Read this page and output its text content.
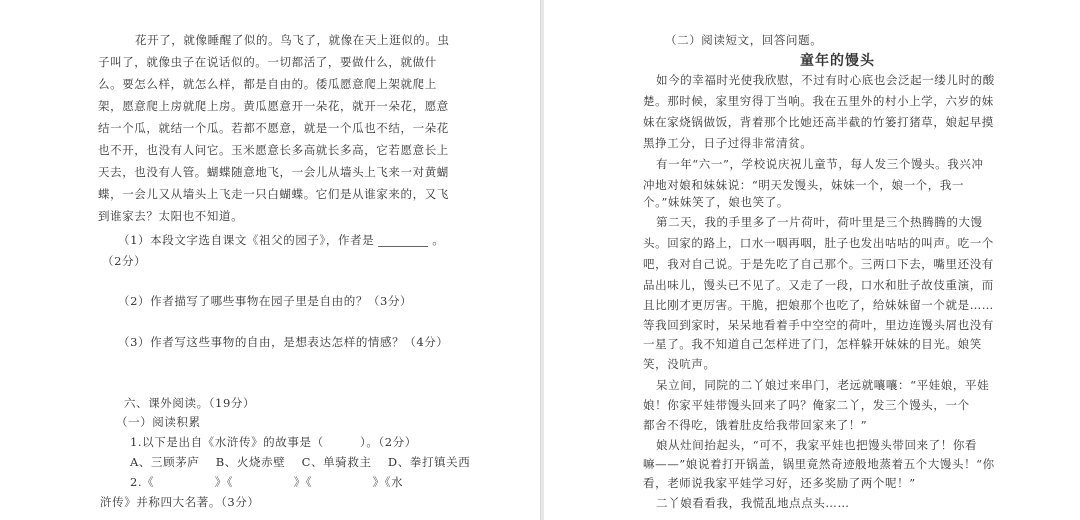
花开了，就像睡醒了似的。鸟飞了，就像在天上逛似的。虫
子叫了，就像虫子在说话似的。一切都活了，要做什么，就做什
么。要怎么样，就怎么样，都是自由的。倭瓜愿意爬上架就爬上
架，愿意爬上房就爬上房。黄瓜愿意开一朵花，就开一朵花，愿意
结一个瓜，就结一个瓜。若都不愿意，就是一个瓜也不结，一朵花
也不开，也没有人问它。玉米愿意长多高就长多高，它若愿意长上
天去，也没有人管。蝴蝶随意地飞，一会儿从墙头上飞来一对黄蝴
蝶，一会儿又从墙头上飞走一只白蝴蝶。它们是从谁家来的，又飞
到谁家去？太阳也不知道。
（1）本段文字选自课文《祖父的园子》，作者是	。
（2分）
（2）作者描写了哪些事物在园子里是自由的？（3分）
（3）作者写这些事物的自由，是想表达怎样的情感？（4分）
六、课外阅读。（19分）
（一）阅读积累
1.以下是出自《水浒传》的故事是（　　　）。（2分）
A、三顾茅庐　 B、火烧赤壁　 C、单骑救主　 D、拳打镇关西
2.《　　　　　》《　　　　　》《　　　　　》《水
浒传》并称四大名著。（3分）
（二）阅读短文，回答问题。
童年的馒头
如今的幸福时光使我欣慰，不过有时心底也会泛起一缕儿时的酸
楚。那时候，家里穷得丁当响。我在五里外的村小上学，六岁的妹
妹在家烧锅做饭，背着那个比她还高半截的竹篓打猪草，娘起早摸
黑挣工分，日子过得非常清贫。
有一年“六一”，学校说庆祝儿童节，每人发三个馒头。我兴冲
冲地对娘和妹妹说：“明天发馒头，妹妹一个，娘一个，我一
个。”妹妹笑了，娘也笑了。
第二天，我的手里多了一片荷叶，荷叶里是三个热腾腾的大馒
头。回家的路上，口水一咽再咽，肚子也发出咕咕的叫声。吃一个
吧，我对自己说。于是先吃了自己那个。三两口下去，嘴里还没有
品出味儿，馒头已不见了。又走了一段，口水和肚子故伎重演，而
且比刚才更厉害。干脆，把娘那个也吃了，给妹妹留一个就是……
等我回到家时，呆呆地看着手中空空的荷叶，里边连馒头屑也没有
一星了。我不知道自己怎样进了门，怎样躲开妹妹的目光。娘笑
笑，没吭声。
呆立间，同院的二丫娘过来串门，老远就嚷嚷：“平娃娘，平娃
娘！你家平娃带馒头回来了吗？俺家二丫，发三个馒头，一个
都舍不得吃，饿着肚皮给我带回家来了！”
娘从灶间抬起头，“可不，我家平娃也把馒头带回来了！你看
嘛——”娘说着打开锅盖，锅里竟然奇迹般地蒸着五个大馒头！“你
看，老师说我家平娃学习好，还多奖励了两个呢！”
二丫娘看看我，我慌乱地点点头……
